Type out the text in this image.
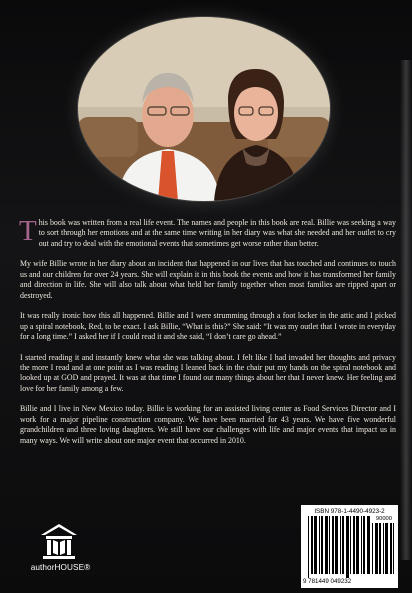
This book was written from a real life event. The names and people in this book are real. Billie was seeking a way to sort through her emotions and at the same time writing in her diary was what she needed and her outlet to cry out and try to deal with the emotional events that sometimes get worse rather than better.

My wife Billie wrote in her diary about an incident that happened in our lives that has touched and continues to touch us and our children for over 24 years. She will explain it in this book the events and how it has transformed her family and direction in life. She will also talk about what held her family together when most families are ripped apart or destroyed.

It was really ironic how this all happened. Billie and I were strumming through a foot locker in the attic and I picked up a spiral notebook, Red, to be exact. I ask Billie, “What is this?” She said: “It was my outlet that I wrote in everyday for a long time.” I asked her if I could read it and she said, “I don’t care go ahead.”

I started reading it and instantly knew what she was talking about. I felt like I had invaded her thoughts and privacy the more I read and at one point as I was reading I leaned back in the chair put my hands on the spiral notebook and looked up at GOD and prayed. It was at that time I found out many things about her that I never knew. Her feeling and love for her family among a few.

Billie and I live in New Mexico today. Billie is working for an assisted living center as Food Services Director and I work for a major pipeline construction company. We have been married for 43 years. We have five wonderful grandchildren and three loving daughters. We still have our challenges with life and major events that impact us in many ways. We will write about one major event that occurred in 2010.

authorHOUSE®
ISBN 978-1-4490-4923-2
90000
9 781449 049232
